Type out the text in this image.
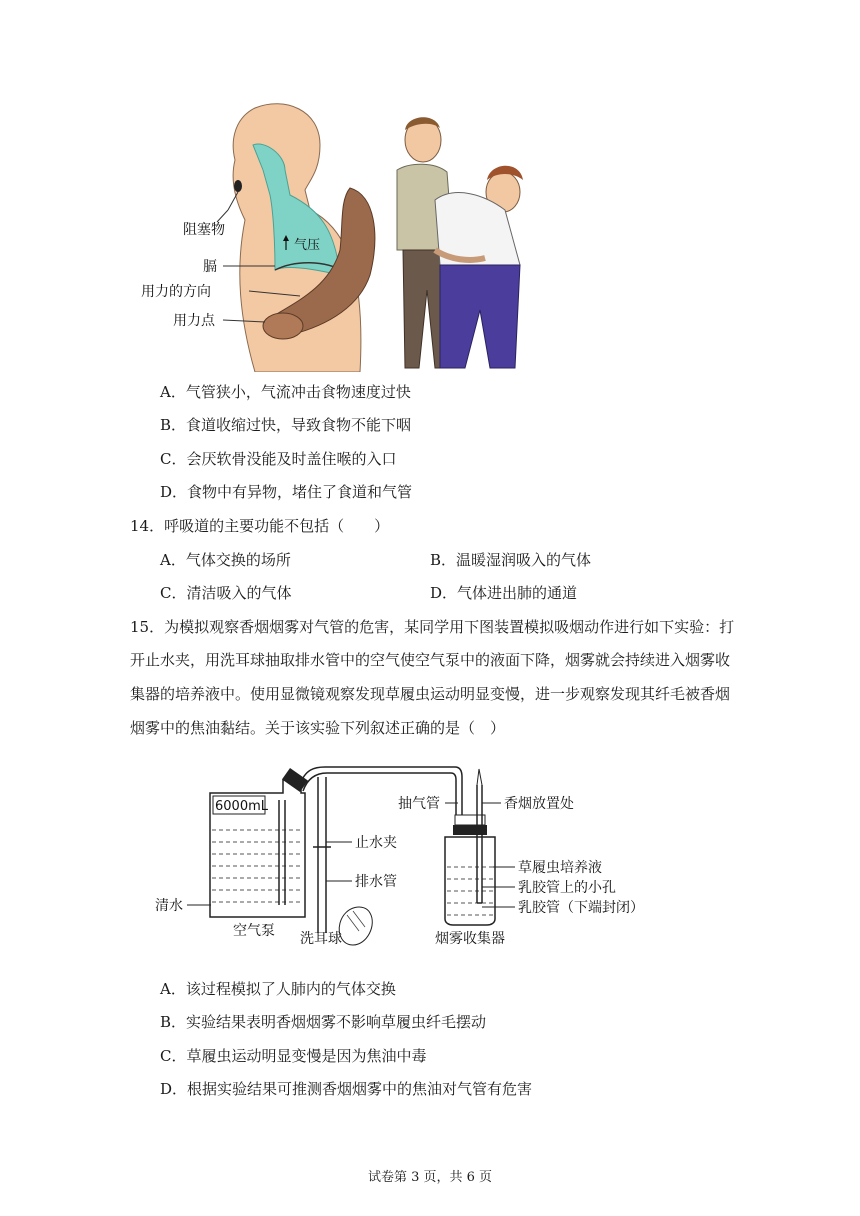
气压
阻塞物
膈
用力的方向
用力点
A．气管狭小，气流冲击食物速度过快
B．食道收缩过快，导致食物不能下咽
C．会厌软骨没能及时盖住喉的入口
D．食物中有异物，堵住了食道和气管
14．呼吸道的主要功能不包括（　　）
A．气体交换的场所	B．温暖湿润吸入的气体
C．清洁吸入的气体	D．气体进出肺的通道
15．为模拟观察香烟烟雾对气管的危害，某同学用下图装置模拟吸烟动作进行如下实验：打
开止水夹，用洗耳球抽取排水管中的空气使空气泵中的液面下降，烟雾就会持续进入烟雾收
集器的培养液中。使用显微镜观察发现草履虫运动明显变慢，进一步观察发现其纤毛被香烟
烟雾中的焦油黏结。关于该实验下列叙述正确的是（　）
6000mL
止水夹
排水管
清水
空气泵 洗耳球
抽气管	香烟放置处
草履虫培养液
乳胶管上的小孔
乳胶管（下端封闭）
烟雾收集器
A．该过程模拟了人肺内的气体交换
B．实验结果表明香烟烟雾不影响草履虫纤毛摆动
C．草履虫运动明显变慢是因为焦油中毒
D．根据实验结果可推测香烟烟雾中的焦油对气管有危害
试卷第 3 页，共 6 页
